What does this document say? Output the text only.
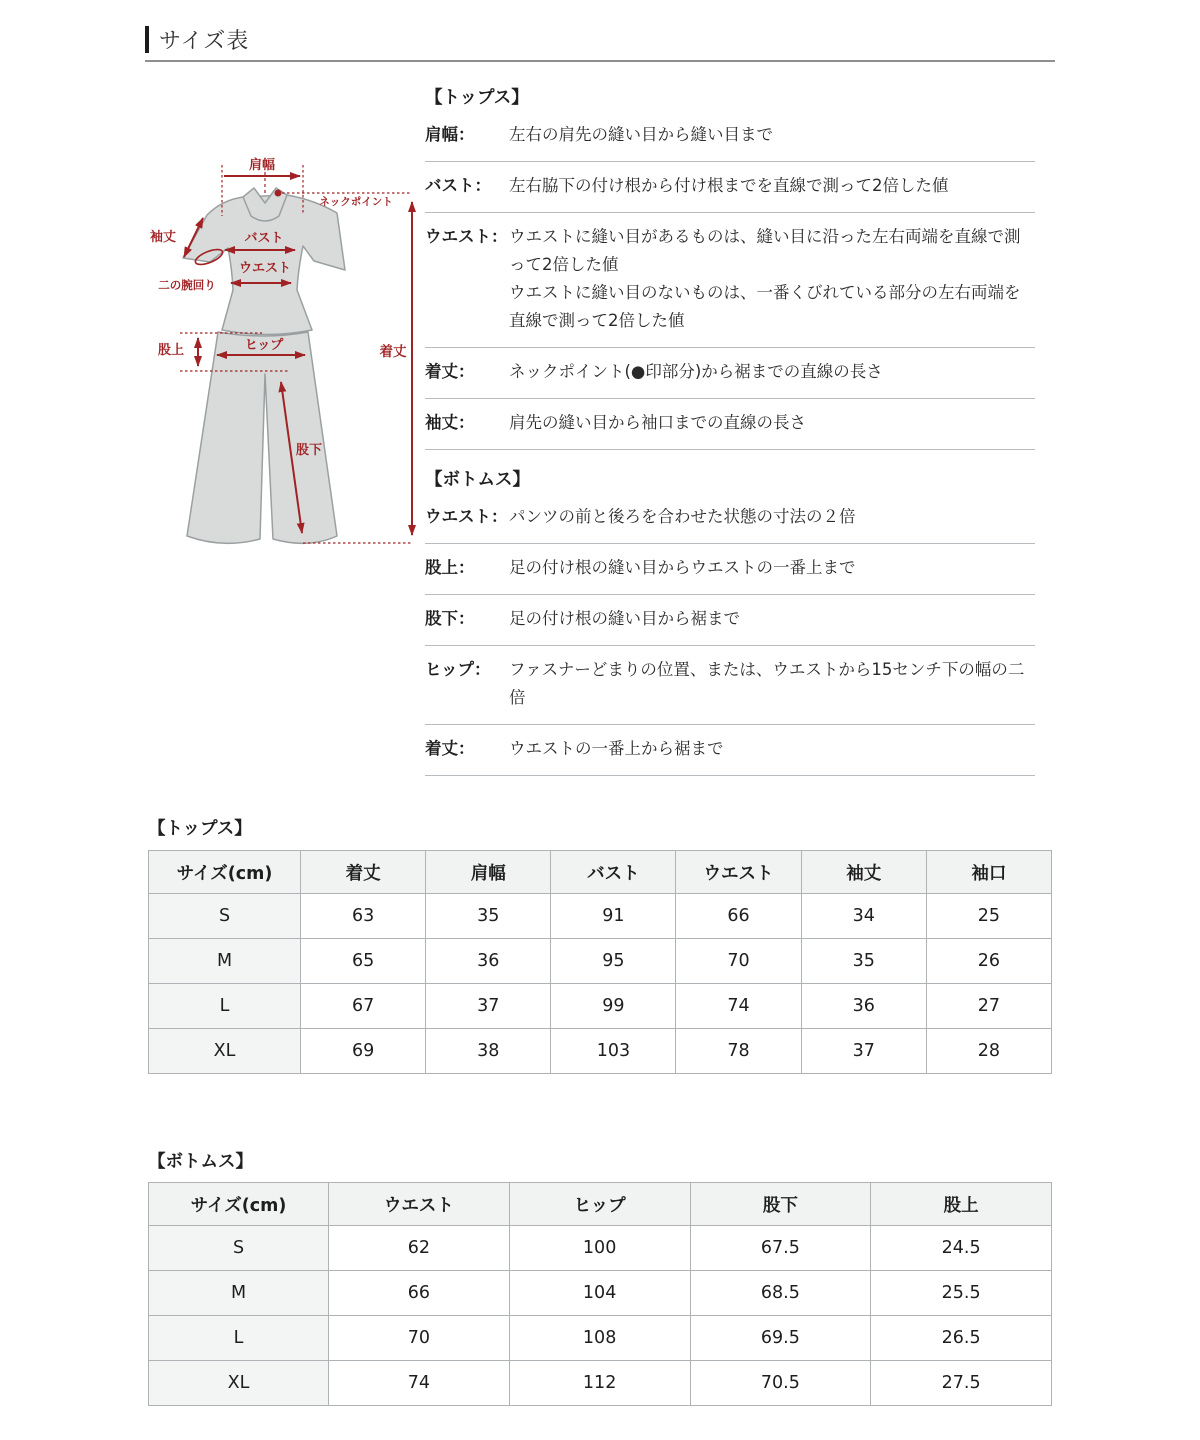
サイズ表
肩幅
ネックポイント
袖丈
二の腕回り
バスト
ウエスト
股上	ヒップ	着丈
股下
【トップス】
肩幅：	左右の肩先の縫い目から縫い目まで
バスト：	左右脇下の付け根から付け根までを直線で測って2倍した値
ウエスト： ウエストに縫い目があるものは、縫い目に沿った左右両端を直線で測って2倍した値
ウエストに縫い目のないものは、一番くびれている部分の左右両端を直線で測って2倍した値
着丈：	ネックポイント(●印部分)から裾までの直線の長さ
袖丈：	肩先の縫い目から袖口までの直線の長さ
【ボトムス】
ウエスト： パンツの前と後ろを合わせた状態の寸法の２倍
股上：	足の付け根の縫い目からウエストの一番上まで
股下：	足の付け根の縫い目から裾まで
ヒップ：	ファスナーどまりの位置、または、ウエストから15センチ下の幅の二倍
着丈：	ウエストの一番上から裾まで
【トップス】
サイズ(cm)	着丈	肩幅	バスト	ウエスト	袖丈	袖口
S	63	35	91	66	34	25
M	65	36	95	70	35	26
L	67	37	99	74	36	27
XL	69	38	103	78	37	28
【ボトムス】
サイズ(cm)	ウエスト	ヒップ	股下	股上
S	62	100	67.5	24.5
M	66	104	68.5	25.5
L	70	108	69.5	26.5
XL	74	112	70.5	27.5
